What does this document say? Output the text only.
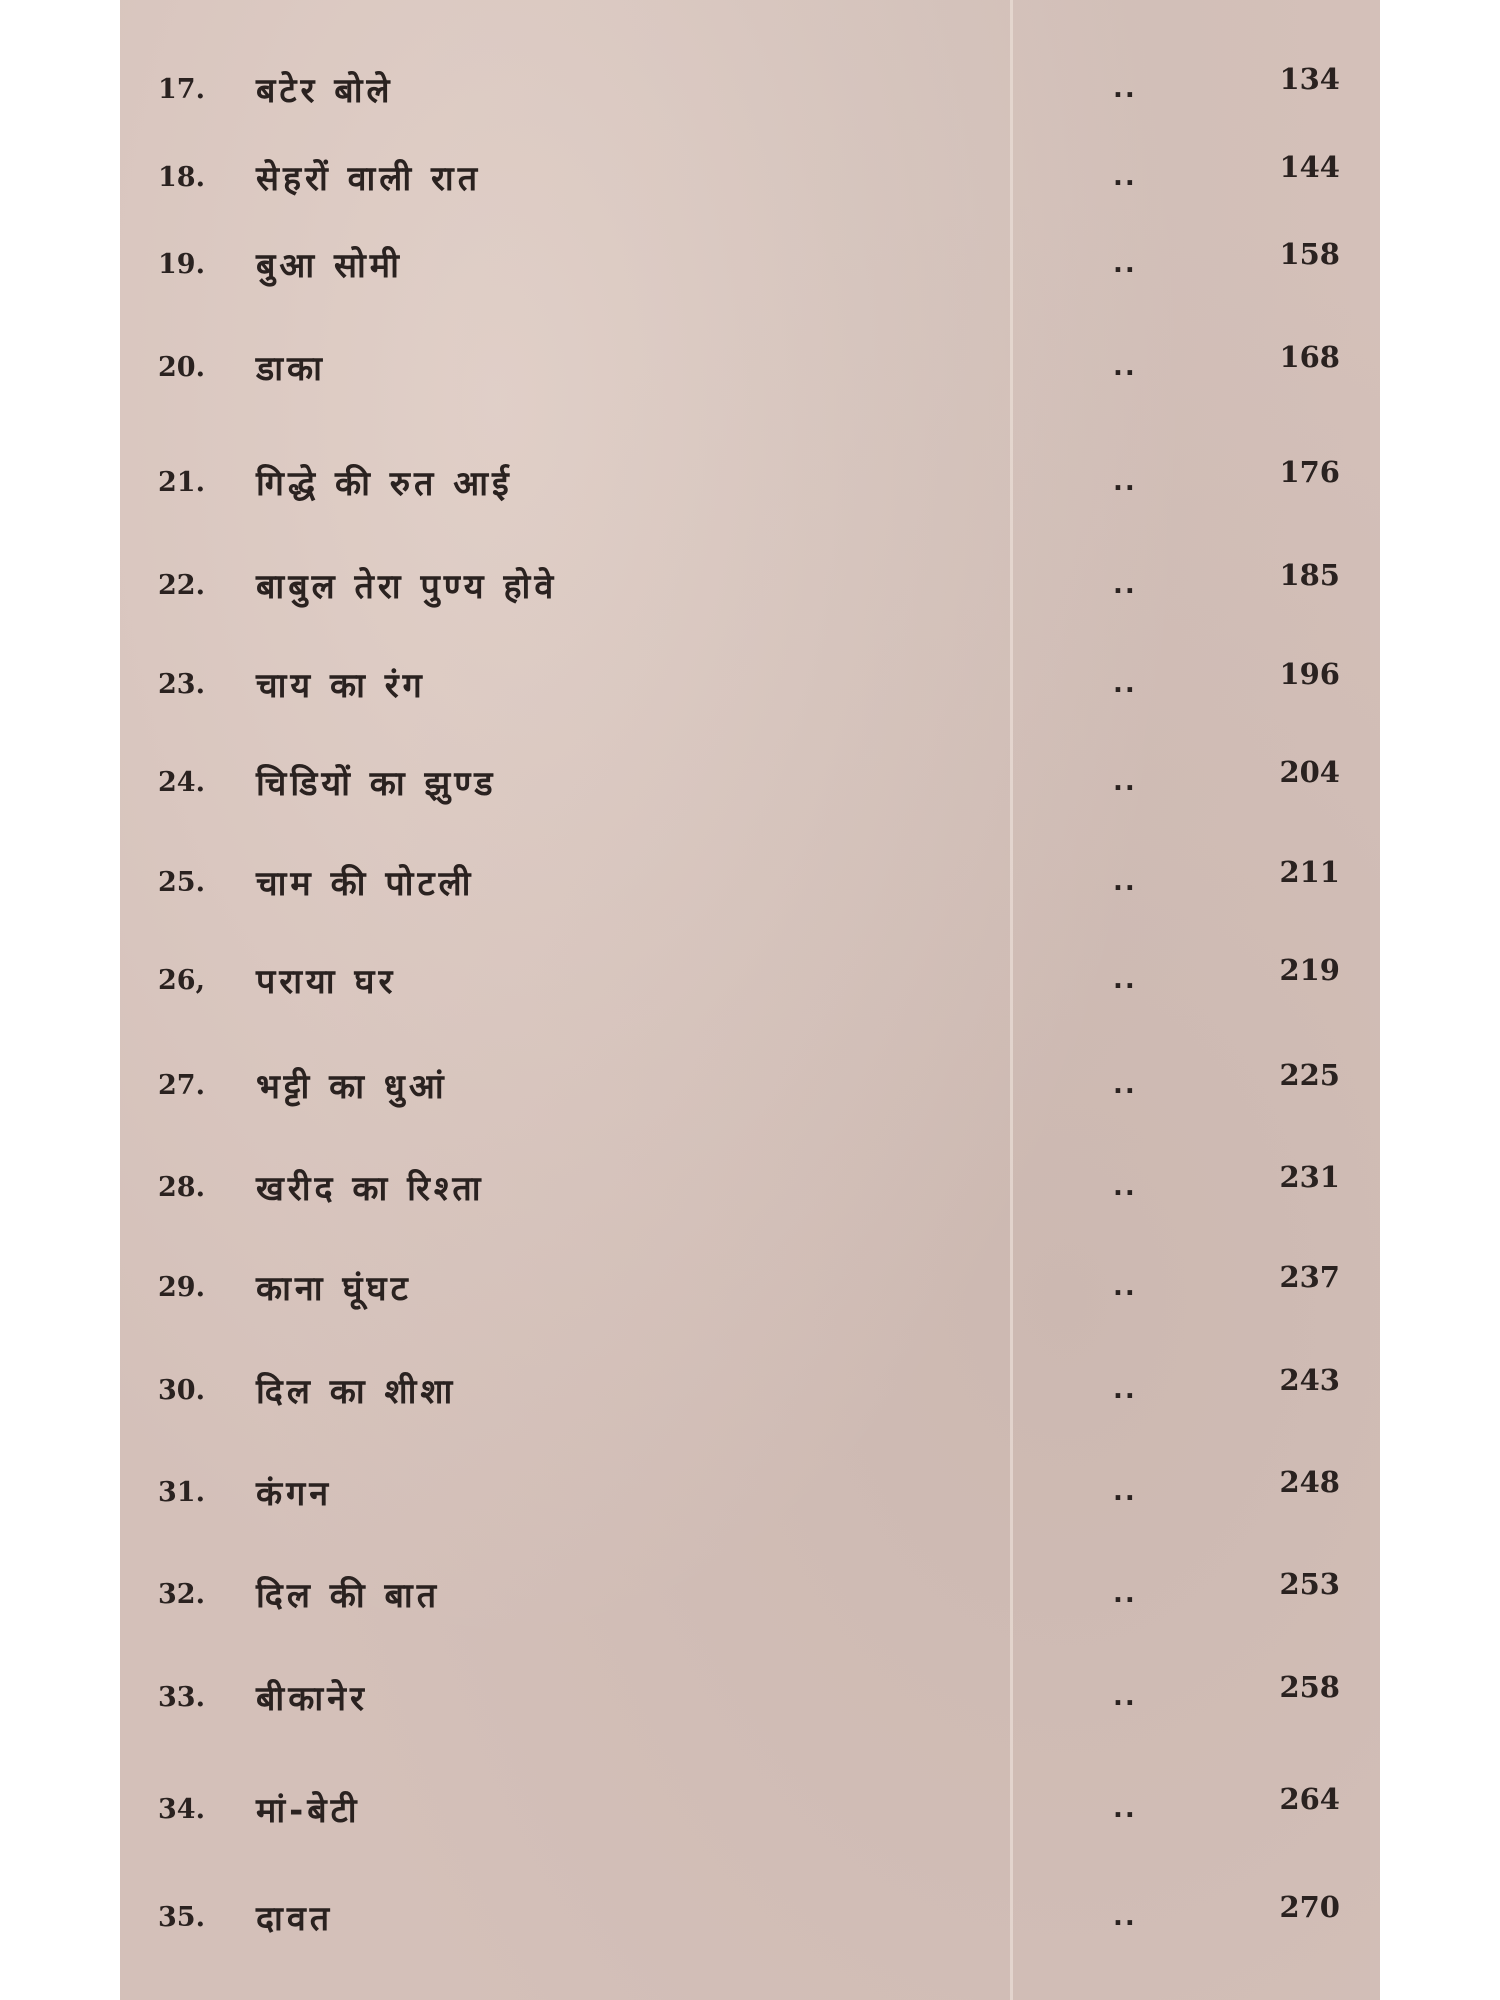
17.	बटेर बोले	..	134
18.	सेहरों वाली रात	..	144
19.	बुआ सोमी	..	158
20.	डाका	..	168
21.	गिद्धे की रुत आई	..	176
22.	बाबुल तेरा पुण्य होवे	..	185
23.	चाय का रंग	..	196
24.	चिडियों का झुण्ड	..	204
25.	चाम की पोटली	..	211
26,	पराया घर	..	219
27.	भट्टी का धुआं	..	225
28.	खरीद का रिश्ता	..	231
29.	काना घूंघट	..	237
30.	दिल का शीशा	..	243
31.	कंगन	..	248
32.	दिल की बात	..	253
33.	बीकानेर	..	258
34.	मां-बेटी	..	264
35.	दावत	..	270
